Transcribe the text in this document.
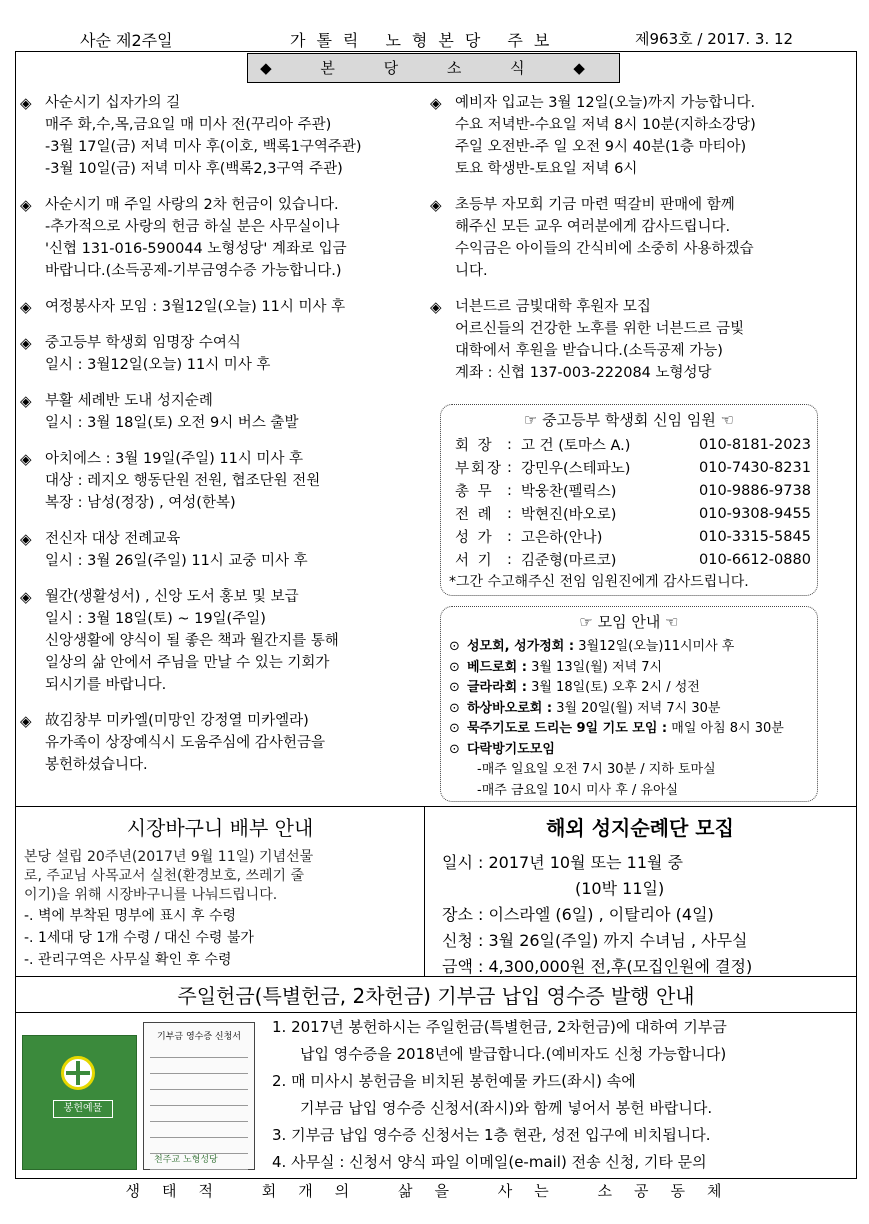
사순 제2주일	가톨릭 노형본당 주보	제963호 / 2017. 3. 12
◆ 본 당 소 식 ◆
◈ 사순시기 십자가의 길
매주 화,수,목,금요일 매 미사 전(꾸리아 주관)
-3월 17일(금) 저녁 미사 후(이호, 백록1구역주관)
-3월 10일(금) 저녁 미사 후(백록2,3구역 주관)
◈ 사순시기 매 주일 사랑의 2차 헌금이 있습니다.
-추가적으로 사랑의 헌금 하실 분은 사무실이나
'신협 131-016-590044 노형성당' 계좌로 입금
바랍니다.(소득공제-기부금영수증 가능합니다.)
◈ 여정봉사자 모임 : 3월12일(오늘) 11시 미사 후
◈ 중고등부 학생회 임명장 수여식
일시 : 3월12일(오늘) 11시 미사 후
◈ 부활 세례반 도내 성지순례
일시 : 3월 18일(토) 오전 9시 버스 출발
◈ 아치에스 : 3월 19일(주일) 11시 미사 후
대상 : 레지오 행동단원 전원, 협조단원 전원
복장 : 남성(정장) , 여성(한복)
◈ 전신자 대상 전례교육
일시 : 3월 26일(주일) 11시 교중 미사 후
◈ 월간(생활성서) , 신앙 도서 홍보 및 보급
일시 : 3월 18일(토) ~ 19일(주일)
신앙생활에 양식이 될 좋은 책과 월간지를 통해
일상의 삶 안에서 주님을 만날 수 있는 기회가
되시기를 바랍니다.
◈ 故김창부 미카엘(미망인 강정열 미카엘라)
유가족이 상장예식시 도움주심에 감사헌금을
봉헌하셨습니다.
◈ 예비자 입교는 3월 12일(오늘)까지 가능합니다.
수요 저녁반-수요일 저녁 8시 10분(지하소강당)
주일 오전반-주 일 오전 9시 40분(1층 마티아)
토요 학생반-토요일 저녁 6시
◈ 초등부 자모회 기금 마련 떡갈비 판매에 함께
해주신 모든 교우 여러분에게 감사드립니다.
수익금은 아이들의 간식비에 소중히 사용하겠습
니다.
◈ 너븐드르 금빛대학 후원자 모집
어르신들의 건강한 노후를 위한 너븐드르 금빛
대학에서 후원을 받습니다.(소득공제 가능)
계좌 : 신협 137-003-222084 노형성당
☞ 중고등부 학생회 신임 임원 ☜
회 장	:	고 건 (토마스 A.)	010-8181-2023
부회장	:	강민우(스테파노)	010-7430-8231
총 무	:	박웅찬(펠릭스)	010-9886-9738
전 례	:	박현진(바오로)	010-9308-9455
성 가	:	고은하(안나)	010-3315-5845
서 기	:	김준형(마르코)	010-6612-0880
*그간 수고해주신 전임 임원진에게 감사드립니다.
☞ 모임 안내 ☜
⊙ 성모회, 성가정회 : 3월12일(오늘)11시미사 후
⊙ 베드로회 : 3월 13일(월) 저녁 7시
⊙ 글라라회 : 3월 18일(토) 오후 2시 / 성전
⊙ 하상바오로회 : 3월 20일(월) 저녁 7시 30분
⊙ 묵주기도로 드리는 9일 기도 모임 : 매일 아침 8시 30분
⊙ 다락방기도모임
-매주 일요일 오전 7시 30분 / 지하 토마실
-매주 금요일 10시 미사 후 / 유아실
시장바구니 배부 안내
본당 설립 20주년(2017년 9월 11일) 기념선물
로, 주교님 사목교서 실천(환경보호, 쓰레기 줄
이기)을 위해 시장바구니를 나눠드립니다.
-. 벽에 부착된 명부에 표시 후 수령
-. 1세대 당 1개 수령 / 대신 수령 불가
-. 관리구역은 사무실 확인 후 수령
해외 성지순례단 모집
일시 : 2017년 10월 또는 11월 중
(10박 11일)
장소 : 이스라엘 (6일) , 이탈리아 (4일)
신청 : 3월 26일(주일) 까지 수녀님 , 사무실
금액 : 4,300,000원 전,후(모집인원에 결정)
주일헌금(특별헌금, 2차헌금) 기부금 납입 영수증 발행 안내
봉헌예물
기부금 영수증 신청서
천주교 노형성당
1. 2017년 봉헌하시는 주일헌금(특별헌금, 2차헌금)에 대하여 기부금
납입 영수증을 2018년에 발급합니다.(예비자도 신청 가능합니다)
2. 매 미사시 봉헌금을 비치된 봉헌예물 카드(좌시) 속에
기부금 납입 영수증 신청서(좌시)와 함께 넣어서 봉헌 바랍니다.
3. 기부금 납입 영수증 신청서는 1층 현관, 성전 입구에 비치됩니다.
4. 사무실 : 신청서 양식 파일 이메일(e-mail) 전송 신청, 기타 문의
생태적 회개의 삶을 사는 소공동체
